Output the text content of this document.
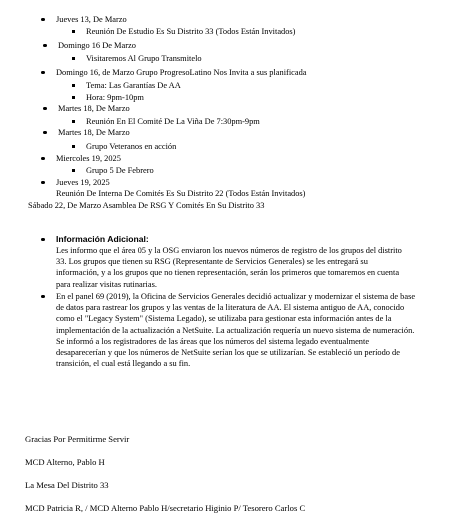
Jueves 13, De Marzo
Reunión De Estudio Es Su Distrito 33 (Todos Están Invitados)
Domingo 16 De Marzo
Visitaremos Al Grupo Transmitelo
Domingo 16, de Marzo Grupo ProgresoLatino Nos Invita a sus planificada
Tema: Las Garantías De AA
Hora: 9pm-10pm
Martes 18, De Marzo
Reunión En El Comité De La Viña De 7:30pm-9pm
Martes 18, De Marzo
Grupo Veteranos en acción
Miercoles 19, 2025
Grupo 5 De Febrero
Jueves 19, 2025
Reunión De Interna De Comités Es Su Distrito 22 (Todos Están Invitados)
Sábado 22, De Marzo Asamblea De RSG Y Comités En Su Distrito 33
Información Adicional:
Les informo que el área 05 y la OSG enviaron los nuevos números de registro de los grupos del distrito 33. Los grupos que tienen su RSG (Representante de Servicios Generales) se les entregará su información, y a los grupos que no tienen representación, serán los primeros que tomaremos en cuenta para realizar visitas rutinarias.
En el panel 69 (2019), la Oficina de Servicios Generales decidió actualizar y modernizar el sistema de base de datos para rastrear los grupos y las ventas de la literatura de AA. El sistema antiguo de AA, conocido como el "Legacy System" (Sistema Legado), se utilizaba para gestionar esta información antes de la implementación de la actualización a NetSuite. La actualización requería un nuevo sistema de numeración. Se informó a los registradores de las áreas que los números del sistema legado eventualmente desaparecerían y que los números de NetSuite serían los que se utilizarían. Se estableció un período de transición, el cual está llegando a su fin.
Gracias Por Permitirme Servir
MCD Alterno, Pablo H
La Mesa Del Distrito 33
MCD Patricia R, / MCD Alterno Pablo H/secretario Higinio P/ Tesorero Carlos C
